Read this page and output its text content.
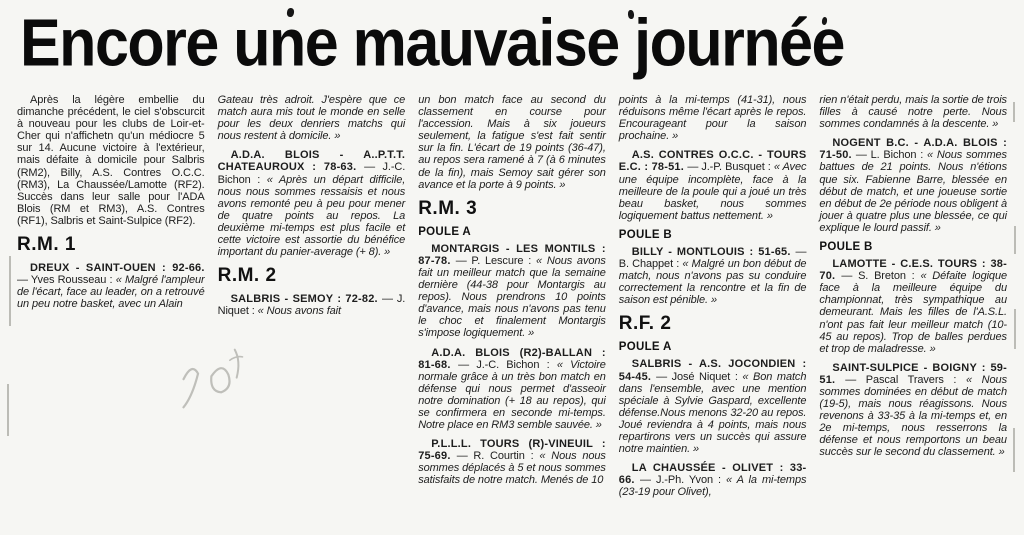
Encore une mauvaise journée

Après la légère embellie du dimanche précédent, le ciel s'obscurcit à nouveau pour les clubs de Loir-et-Cher qui n'affichetn qu'un médiocre 5 sur 14. Aucune victoire à l'extérieur, mais défaite à domicile pour Salbris (RM2), Billy, A.S. Contres O.C.C. (RM3), La Chaussée/Lamotte (RF2). Succès dans leur salle pour l'ADA Blois (RM et RM3), A.S. Contres (RF1), Salbris et Saint-Sulpice (RF2).

R.M. 1

DREUX - SAINT-OUEN : 92-66. — Yves Rousseau : « Malgré l'ampleur de l'écart, face au leader, on a retrouvé un peu notre basket, avec un Alain

Gateau très adroit. J'espère que ce match aura mis tout le monde en selle pour les deux denriers matchs qui nous restent à domicile. »

A.D.A. BLOIS - A..P.T.T. CHATEAUROUX : 78-63. — J.-C. Bichon : « Après un départ difficile, nous nous sommes ressaisis et nous avons remonté peu à peu pour mener de quatre points au repos. La deuxième mi-temps est plus facile et cette victoire est assortie du bénéfice important du panier-average (+ 8). »

R.M. 2

SALBRIS - SEMOY : 72-82. — J. Niquet : « Nous avons fait

un bon match face au second du classement en course pour l'accession. Mais à six joueurs seulement, la fatigue s'est fait sentir sur la fin. L'écart de 19 points (36-47), au repos sera ramené à 7 (à 6 minutes de la fin), mais Semoy sait gérer son avance et la porte à 9 points. »

R.M. 3
POULE A

MONTARGIS - LES MONTILS : 87-78. — P. Lescure : « Nous avons fait un meilleur match que la semaine dernière (44-38 pour Montargis au repos). Nous prendrons 10 points d'avance, mais nous n'avons pas tenu le choc et finalement Montargis s'impose logiquement. »

A.D.A. BLOIS (R2)-BALLAN : 81-68. — J.-C. Bichon : « Victoire normale grâce à un très bon match en défense qui nous permet d'asseoir notre domination (+ 18 au repos), qui se confirmera en seconde mi-temps. Notre place en RM3 semble sauvée. »

P.L.L.L. TOURS (R)-VINEUIL : 75-69. — R. Courtin : « Nous nous sommes déplacés à 5 et nous sommes satisfaits de notre match. Menés de 10

points à la mi-temps (41-31), nous réduisons même l'écart après le repos. Encourageant pour la saison prochaine. »

A.S. CONTRES O.C.C. - TOURS E.C. : 78-51. — J.-P. Busquet : « Avec une équipe incomplète, face à la meilleure de la poule qui a joué un très beau basket, nous sommes logiquement battus nettement. »

POULE B

BILLY - MONTLOUIS : 51-65. — B. Chappet : « Malgré un bon début de match, nous n'avons pas su conduire correctement la rencontre et la fin de saison est pénible. »

R.F. 2
POULE A

SALBRIS - A.S. JOCONDIEN : 54-45. — José Niquet : « Bon match dans l'ensemble, avec une mention spéciale à Sylvie Gaspard, excellente défense.Nous menons 32-20 au repos. Joué reviendra à 4 points, mais nous repartirons vers un succès qui assure notre maintien. »

LA CHAUSSÉE - OLIVET : 33-66. — J.-Ph. Yvon : « A la mi-temps (23-19 pour Olivet),

rien n'était perdu, mais la sortie de trois filles à causé notre perte. Nous sommes condamnés à la descente. »

NOGENT B.C. - A.D.A. BLOIS : 71-50. — L. Bichon : « Nous sommes battues de 21 points. Nous n'étions que six. Fabienne Barre, blessée en début de match, et une joueuse sortie en début de 2e période nous obligent à jouer à quatre plus une blessée, ce qui explique le lourd passif. »

POULE B

LAMOTTE - C.E.S. TOURS : 38-70. — S. Breton : « Défaite logique face à la meilleure équipe du championnat, très sympathique au demeurant. Mais les filles de l'A.S.L. n'ont pas fait leur meilleur match (10-45 au repos). Trop de balles perdues et trop de maladresse. »

SAINT-SULPICE - BOIGNY : 59-51. — Pascal Travers : « Nous sommes dominées en début de match (19-5), mais nous réagissons. Nous revenons à 33-35 à la mi-temps et, en 2e mi-temps, nous resserrons la défense et nous remportons un beau succès sur le second du classement. »
